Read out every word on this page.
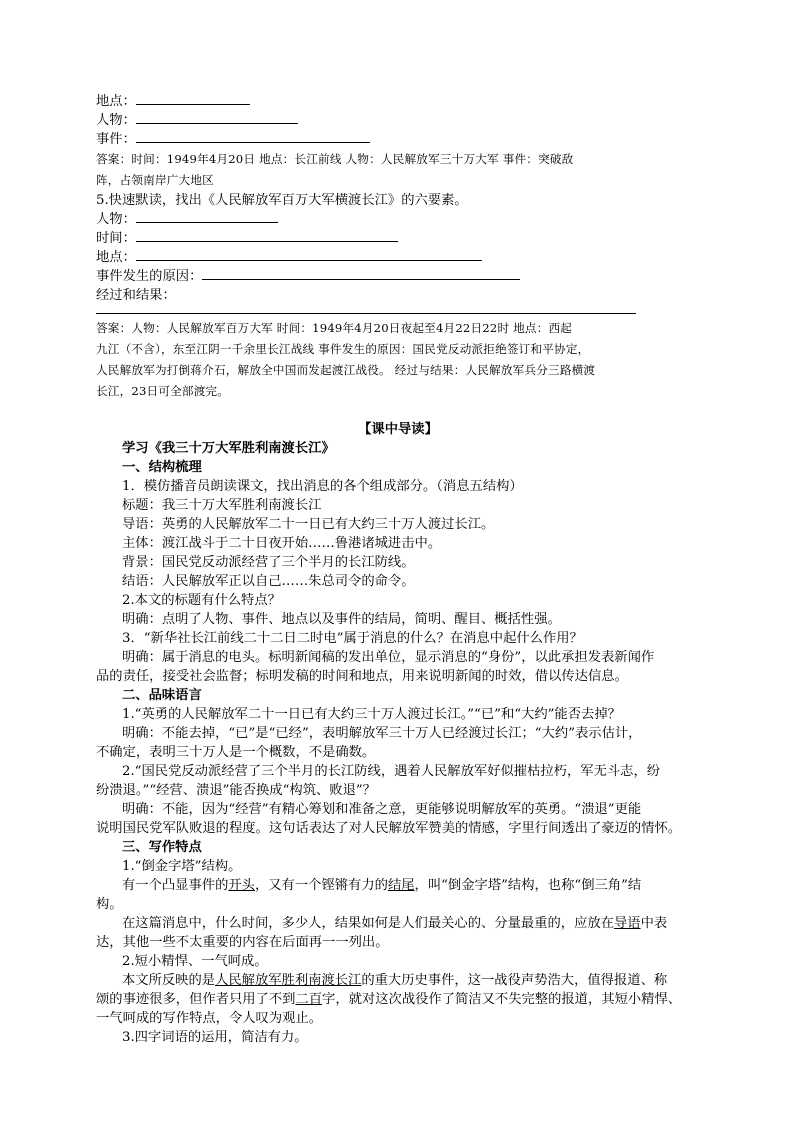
地点：
人物：
事件：
答案：时间：1949年4月20日 地点：长江前线 人物：人民解放军三十万大军 事件：突破敌
阵，占领南岸广大地区
5.快速默读，找出《人民解放军百万大军横渡长江》的六要素。
人物：
时间：
地点：
事件发生的原因：
经过和结果：
答案：人物：人民解放军百万大军 时间：1949年4月20日夜起至4月22日22时 地点：西起
九江（不含），东至江阴一千余里长江战线 事件发生的原因：国民党反动派拒绝签订和平协定，
人民解放军为打倒蒋介石，解放全中国而发起渡江战役。 经过与结果：人民解放军兵分三路横渡
长江，23日可全部渡完。
【课中导读】
学习《我三十万大军胜利南渡长江》
一、结构梳理
1．模仿播音员朗读课文，找出消息的各个组成部分。（消息五结构）
标题：我三十万大军胜利南渡长江
导语：英勇的人民解放军二十一日已有大约三十万人渡过长江。
主体：渡江战斗于二十日夜开始……鲁港诸城进击中。
背景：国民党反动派经营了三个半月的长江防线。
结语：人民解放军正以自己……朱总司令的命令。
2.本文的标题有什么特点？
明确：点明了人物、事件、地点以及事件的结局，简明、醒目、概括性强。
3．“新华社长江前线二十二日二时电”属于消息的什么？在消息中起什么作用？
明确：属于消息的电头。标明新闻稿的发出单位，显示消息的“身份”，以此承担发表新闻作
品的责任，接受社会监督；标明发稿的时间和地点，用来说明新闻的时效，借以传达信息。
二、品味语言
1.“英勇的人民解放军二十一日已有大约三十万人渡过长江。”“已”和“大约”能否去掉？
明确：不能去掉，“已”是“已经”，表明解放军三十万人已经渡过长江；“大约”表示估计，
不确定，表明三十万人是一个概数，不是确数。
2.“国民党反动派经营了三个半月的长江防线，遇着人民解放军好似摧枯拉朽，军无斗志，纷
纷溃退。”“经营、溃退”能否换成“构筑、败退”？
明确：不能，因为“经营”有精心筹划和准备之意，更能够说明解放军的英勇。“溃退”更能
说明国民党军队败退的程度。这句话表达了对人民解放军赞美的情感，字里行间透出了豪迈的情怀。
三、写作特点
1.“倒金字塔”结构。
有一个凸显事件的开头，又有一个铿锵有力的结尾，叫“倒金字塔”结构，也称“倒三角”结
构。
在这篇消息中，什么时间，多少人，结果如何是人们最关心的、分量最重的，应放在导语中表
达，其他一些不太重要的内容在后面再一一列出。
2.短小精悍、一气呵成。
本文所反映的是人民解放军胜利南渡长江的重大历史事件，这一战役声势浩大，值得报道、称
颂的事迹很多，但作者只用了不到二百字，就对这次战役作了简洁又不失完整的报道，其短小精悍、
一气呵成的写作特点，令人叹为观止。
3.四字词语的运用，简洁有力。
